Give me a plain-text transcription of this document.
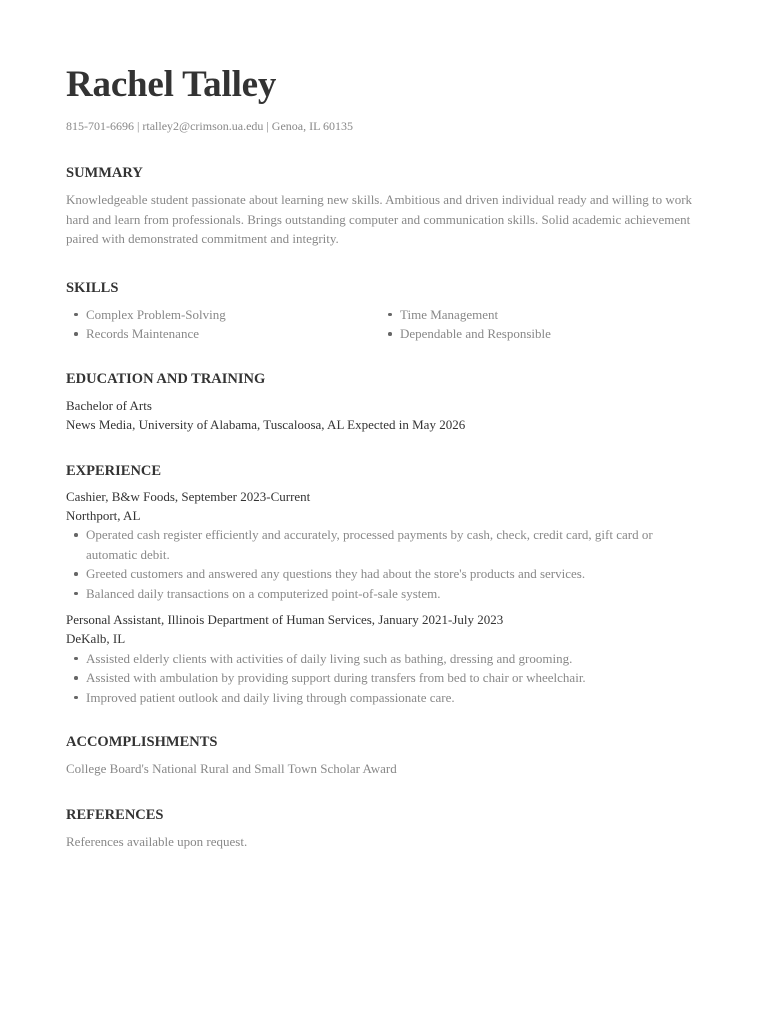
Rachel Talley
815-701-6696 | rtalley2@crimson.ua.edu | Genoa, IL 60135
SUMMARY

Knowledgeable student passionate about learning new skills. Ambitious and driven individual ready and willing to work hard and learn from professionals. Brings outstanding computer and communication skills. Solid academic achievement paired with demonstrated commitment and integrity.

SKILLS
Complex Problem-Solving	Time Management
Records Maintenance	Dependable and Responsible
EDUCATION AND TRAINING
Bachelor of Arts
News Media, University of Alabama, Tuscaloosa, AL Expected in May 2026
EXPERIENCE
Cashier, B&w Foods, September 2023-Current
Northport, AL
Operated cash register efficiently and accurately, processed payments by cash, check, credit card, gift card or automatic debit.
Greeted customers and answered any questions they had about the store's products and services.
Balanced daily transactions on a computerized point-of-sale system.
Personal Assistant, Illinois Department of Human Services, January 2021-July 2023
DeKalb, IL
Assisted elderly clients with activities of daily living such as bathing, dressing and grooming.
Assisted with ambulation by providing support during transfers from bed to chair or wheelchair.
Improved patient outlook and daily living through compassionate care.
ACCOMPLISHMENTS

College Board's National Rural and Small Town Scholar Award

REFERENCES

References available upon request.
